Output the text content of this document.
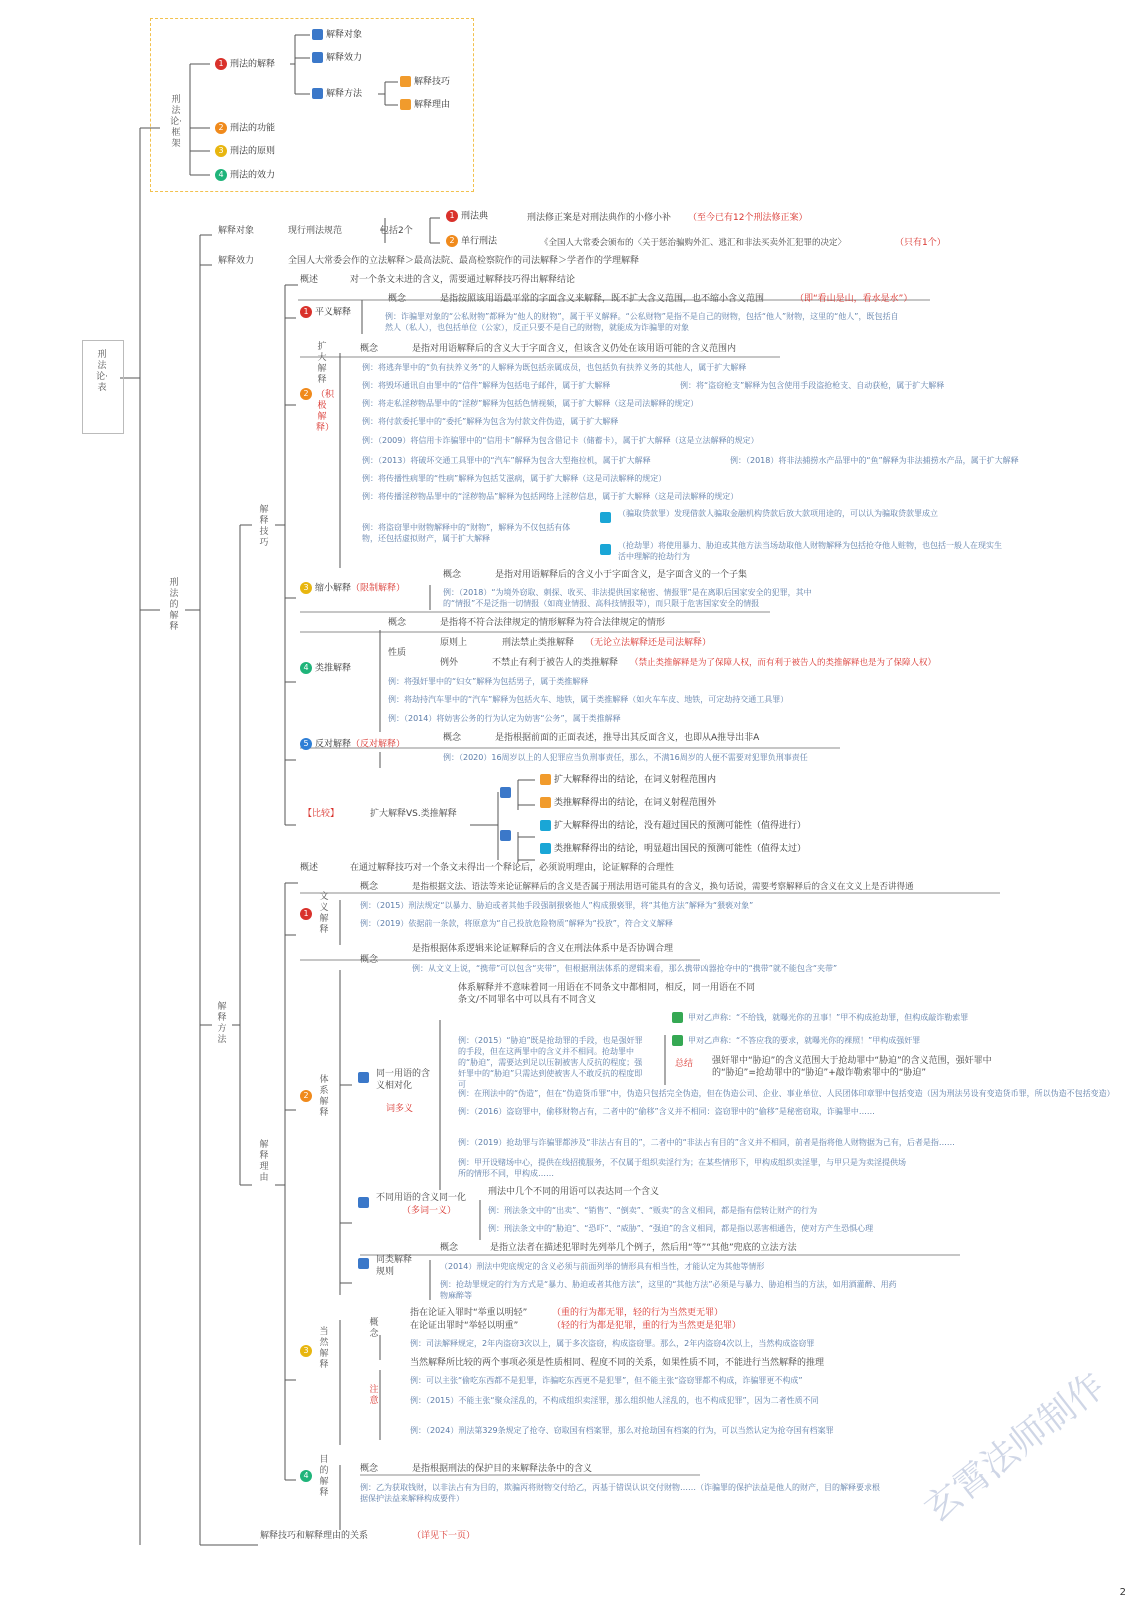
刑法论·框架
刑法论·表
1 刑法的解释
解释对象
解释效力
解释方法
解释技巧
解释理由
2 刑法的功能
3 刑法的原则
4 刑法的效力
刑法的解释
解释对象	现行刑法规范	包括2个
1 刑法典	刑法修正案是对刑法典作的小修小补 （至今已有12个刑法修正案）
2 单行刑法	《全国人大常委会颁布的〈关于惩治骗购外汇、逃汇和非法买卖外汇犯罪的决定〉	（只有1个）
解释效力	全国人大常委会作的立法解释＞最高法院、最高检察院作的司法解释＞学者作的学理解释
解释技巧
概述	对一个条文未进的含义，需要通过解释技巧得出解释结论
1 平义解释
概念	是指按照该用语最平常的字面含义来解释，既不扩大含义范围，也不缩小含义范围	（即“看山是山，看水是水”）
例：诈骗罪对象的“公私财物”都释为“他人的财物”，属于平义解释。“公私财物”是指不是自己的财物，包括“他人”财物，这里的“他人”，既包括自然人（私人），也包括单位（公家），反正只要不是自己的财物，就能成为诈骗罪的对象
扩大解释
2 （积极解释）
概念	是指对用语解释后的含义大于字面含义，但该含义仍处在该用语可能的含义范围内
例：将逃奔罪中的“负有扶养义务”的人解释为既包括亲属成员，也包括负有扶养义务的其他人，属于扩大解释
例：将毁坏通讯自由罪中的“信件”解释为包括电子邮件，属于扩大解释	例：将“盗窃枪支”解释为包含使用手段盗抢枪支、自动获枪，属于扩大解释
例：将走私淫秽物品罪中的“淫秽”解释为包括色情视频，属于扩大解释（这是司法解释的规定）
例：将付款委托罪中的“委托”解释为包含为付款文件伪造，属于扩大解释
例：（2009）将信用卡诈骗罪中的“信用卡”解释为包含借记卡（储蓄卡），属于扩大解释（这是立法解释的规定）
例：（2013）将破坏交通工具罪中的“汽车”解释为包含大型拖拉机，属于扩大解释	例：（2018）将非法捕捞水产品罪中的“鱼”解释为非法捕捞水产品，属于扩大解释
例：将传播性病罪的“性病”解释为包括艾滋病，属于扩大解释（这是司法解释的规定）
例：将传播淫秽物品罪中的“淫秽物品”解释为包括网络上淫秽信息，属于扩大解释（这是司法解释的规定）
例：将盗窃罪中财物解释中的“财物”，解释为不仅包括有体物，还包括虚拟财产，属于扩大解释
（骗取贷款罪）发现借款人骗取金融机构贷款后放大款项用途的，可以认为骗取贷款罪成立
（抢劫罪）将使用暴力、胁迫或其他方法当场劫取他人财物解释为包括抢夺他人赃物，也包括一般人在现实生活中理解的抢劫行为
3 缩小解释（限制解释）
概念	是指对用语解释后的含义小于字面含义，是字面含义的一个子集
例：（2018）“为境外窃取、刺探、收买、非法提供国家秘密、情报罪”是在离职后国家安全的犯罪，其中的“情报”不是泛指一切情报（如商业情报、高科技情报等），而只限于危害国家安全的情报
4 类推解释
概念	是指将不符合法律规定的情形解释为符合法律规定的情形
性质
原则上	刑法禁止类推解释 （无论立法解释还是司法解释）
例外	不禁止有利于被告人的类推解释 （禁止类推解释是为了保障人权，而有利于被告人的类推解释也是为了保障人权）
例：将强奸罪中的“妇女”解释为包括男子，属于类推解释
例：将劫持汽车罪中的“汽车”解释为包括火车、地铁，属于类推解释（如火车车皮、地铁，可定劫持交通工具罪）
例：（2014）将妨害公务的行为认定为妨害“公务”，属于类推解释
5 反对解释（反对解释）
概念	是指根据前面的正面表述，推导出其反面含义，也即从A推导出非A
例：（2020）16周岁以上的人犯罪应当负刑事责任，那么，不满16周岁的人便不需要对犯罪负刑事责任
【比较】	扩大解释VS.类推解释
扩大解释得出的结论，在词义射程范围内
类推解释得出的结论，在词义射程范围外
扩大解释得出的结论，没有超过国民的预测可能性（值得进行）
类推解释得出的结论，明显超出国民的预测可能性（值得太过）
解释理由
解释方法
概述	在通过解释技巧对一个条文未得出一个释论后，必须说明理由，论证解释的合理性
1
文义解释
概念	是指根据文法、语法等来论证解释后的含义是否属于刑法用语可能具有的含义，换句话说，需要考察解释后的含义在文义上是否讲得通
例：（2015）刑法规定“以暴力、胁迫或者其他手段强制猥亵他人”构成猥亵罪，将“其他方法”解释为“猥亵对象”
例：（2019）依据前一条款，将原意为“自己投放危险物质”解释为“投放”，符合文义解释
2
体系解释
概念
是指根据体系逻辑来论证解释后的含义在刑法体系中是否协调合理
例：从文义上说，“携带”可以包含“夹带”，但根据刑法体系的逻辑来看，那么携带凶器抢夺中的“携带”就不能包含“夹带”
同一用语的含义相对化
词多义
体系解释并不意味着同一用语在不同条文中都相同，相反，同一用语在不同条文/不同罪名中可以具有不同含义
例：（2015）“胁迫”既是抢劫罪的手段，也是强奸罪的手段，但在这两罪中的含义并不相同。抢劫罪中的“胁迫”，需要达到足以压制被害人反抗的程度；强奸罪中的“胁迫”只需达到使被害人不敢反抗的程度即可
甲对乙声称：“不给钱，就曝光你的丑事！”甲不构成抢劫罪，但构成敲诈勒索罪
甲对乙声称：“不答应我的要求，就曝光你的裸照！”甲构成强奸罪
总结 强奸罪中“胁迫”的含义范围大于抢劫罪中“胁迫”的含义范围，强奸罪中的“胁迫”=抢劫罪中的“胁迫”+敲诈勒索罪中的“胁迫”
例：在刑法中的“伪造”，但在“伪造货币罪”中，伪造只包括完全伪造，但在伪造公司、企业、事业单位、人民团体印章罪中包括变造（因为刑法另设有变造货币罪，所以伪造不包括变造）
例：（2016）盗窃罪中，偷移财物占有，二者中的“偷移”含义并不相同：盗窃罪中的“偷移”是秘密窃取，诈骗罪中……
例：（2019）抢劫罪与诈骗罪都涉及“非法占有目的”，二者中的“非法占有目的”含义并不相同，前者是指将他人财物据为己有，后者是指……
例：甲开设赌场中心，提供在线招揽服务，不仅属于组织卖淫行为；在某些情形下，甲构成组织卖淫罪，与甲只是为卖淫提供场所的情形不同，甲构成……
不同用语的含义同一化
（多词一义）
刑法中几个不同的用语可以表达同一个含义
例：刑法条文中的“出卖”、“销售”、“倒卖”、“贩卖”的含义相同，都是指有偿转让财产的行为
例：刑法条文中的“胁迫”、“恐吓”、“威胁”、“强迫”的含义相同，都是指以恶害相通告，使对方产生恐惧心理
同类解释规则
概念	是指立法者在描述犯罪时先列举几个例子，然后用“等”“其他”兜底的立法方法
（2014）刑法中兜底规定的含义必须与前面列举的情形具有相当性，才能认定为其他等情形
例：抢劫罪规定的行为方式是“暴力、胁迫或者其他方法”，这里的“其他方法”必须是与暴力、胁迫相当的方法，如用酒灌醉、用药物麻醉等
3
当然解释
概念
指在论证入罪时“举重以明轻”	（重的行为都无罪，轻的行为当然更无罪）
在论证出罪时“举轻以明重”	（轻的行为都是犯罪，重的行为当然更是犯罪）
例：司法解释规定，2年内盗窃3次以上，属于多次盗窃，构成盗窃罪。那么，2年内盗窃4次以上，当然构成盗窃罪
注意
当然解释所比较的两个事项必须是性质相同、程度不同的关系，如果性质不同，不能进行当然解释的推理
例：可以主张“偷吃东西都不是犯罪，诈骗吃东西更不是犯罪”，但不能主张“盗窃罪都不构成，诈骗罪更不构成”
例：（2015）不能主张“聚众淫乱的，不构成组织卖淫罪，那么组织他人淫乱的，也不构成犯罪”，因为二者性质不同
例：（2024）刑法第329条规定了抢夺、窃取国有档案罪，那么对抢劫国有档案的行为，可以当然认定为抢夺国有档案罪
4
目的解释
概念	是指根据刑法的保护目的来解释法条中的含义
例：乙为获取钱财，以非法占有为目的，欺骗丙将财物交付给乙，丙基于错误认识交付财物……（诈骗罪的保护法益是他人的财产，目的解释要求根据保护法益来解释构成要件）
解释技巧和解释理由的关系	（详见下一页）
玄霄法师制作
2
